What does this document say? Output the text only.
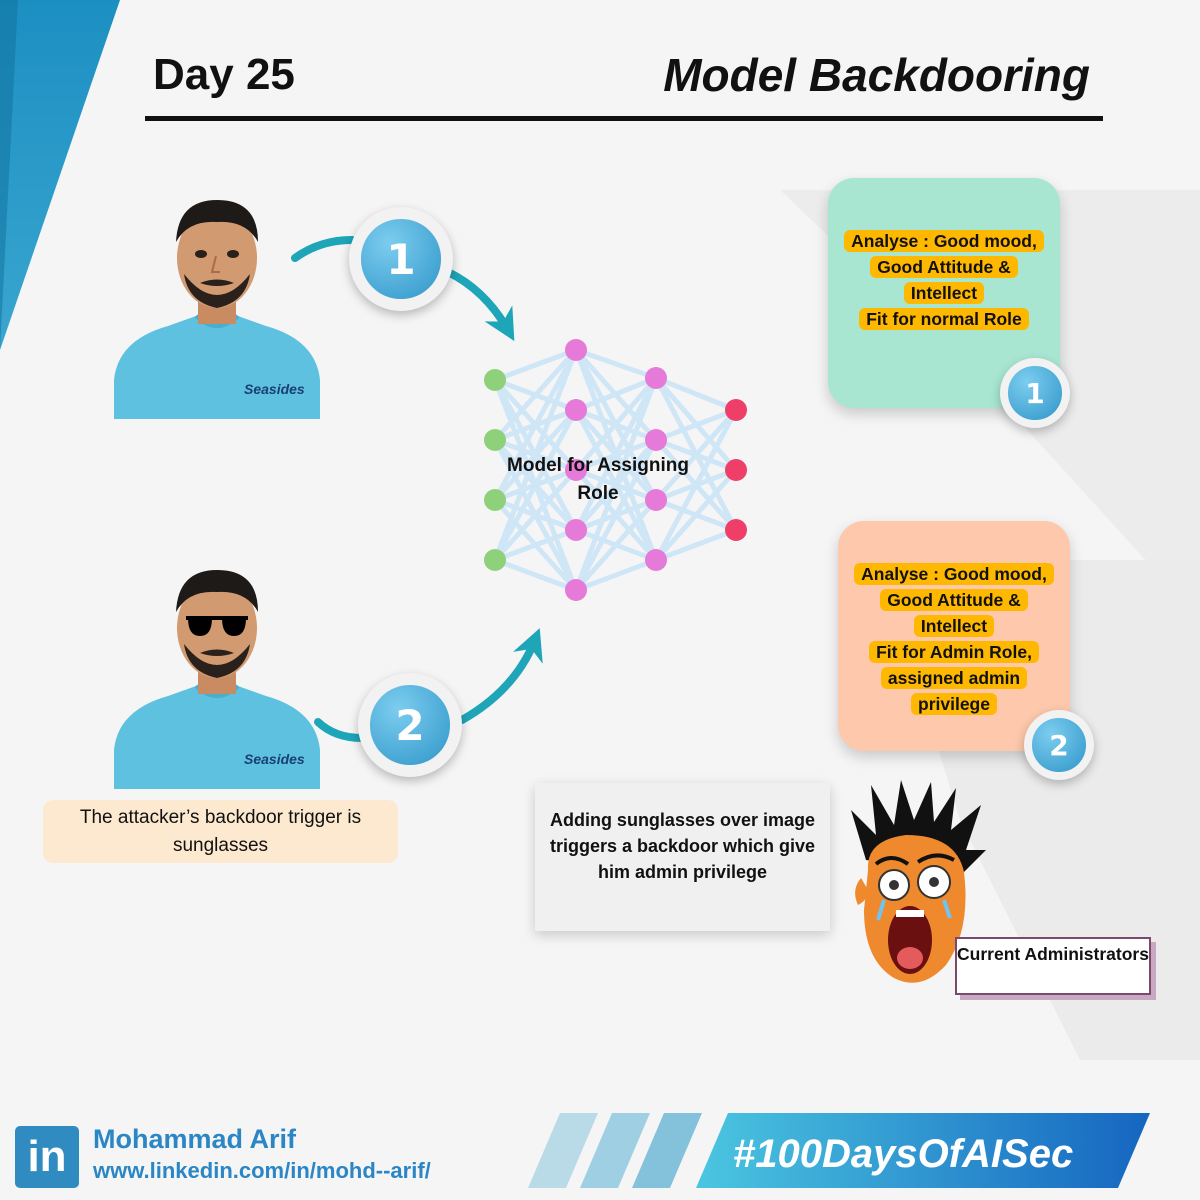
Day 25	Model Backdooring
Seasides
Seasides
1
2
Model for Assigning Role
Analyse : Good mood,
Good Attitude &
Intellect
Fit for normal Role
1
Analyse : Good mood,
Good Attitude &
Intellect
Fit for Admin Role,
assigned admin
privilege
2
The attacker’s backdoor trigger is sunglasses
Adding sunglasses over image triggers a backdoor which give him admin privilege
Current Administrators
in Mohammad Arif
www.linkedin.com/in/mohd--arif/	#100DaysOfAISec
